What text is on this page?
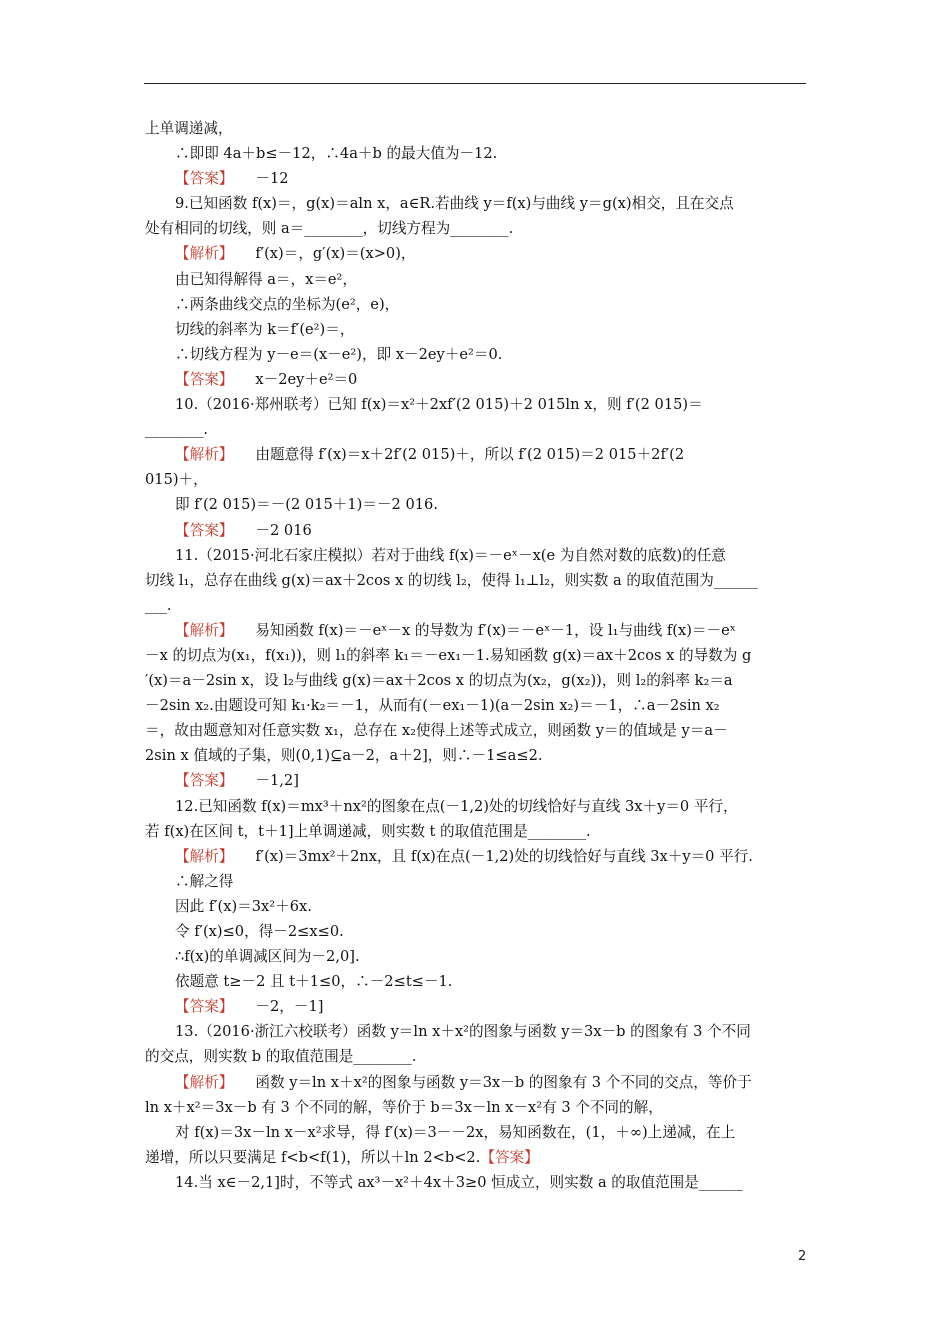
上单调递减，
∴即即 4a＋b≤－12，∴4a＋b 的最大值为－12.
【答案】 －12
9.已知函数 f(x)＝，g(x)＝aln x，a∈R.若曲线 y＝f(x)与曲线 y＝g(x)相交，且在交点
处有相同的切线，则 a＝________，切线方程为________.
【解析】 f′(x)＝，g′(x)＝(x>0)，
由已知得解得 a＝，x＝e²，
∴两条曲线交点的坐标为(e²，e)，
切线的斜率为 k＝f′(e²)＝，
∴切线方程为 y－e＝(x－e²)，即 x－2ey＋e²＝0.
【答案】 x－2ey＋e²＝0
10.（2016·郑州联考）已知 f(x)＝x²＋2xf′(2 015)＋2 015ln x，则 f′(2 015)＝
________.
【解析】 由题意得 f′(x)＝x＋2f′(2 015)＋，所以 f′(2 015)＝2 015＋2f′(2
015)＋，
即 f′(2 015)＝－(2 015＋1)＝－2 016.
【答案】 －2 016
11.（2015·河北石家庄模拟）若对于曲线 f(x)＝－eˣ－x(e 为自然对数的底数)的任意
切线 l₁，总存在曲线 g(x)＝ax＋2cos x 的切线 l₂，使得 l₁⊥l₂，则实数 a 的取值范围为______
___.
【解析】 易知函数 f(x)＝－eˣ－x 的导数为 f′(x)＝－eˣ－1，设 l₁与曲线 f(x)＝－eˣ
－x 的切点为(x₁，f(x₁))，则 l₁的斜率 k₁＝－ex₁－1.易知函数 g(x)＝ax＋2cos x 的导数为 g
′(x)＝a－2sin x，设 l₂与曲线 g(x)＝ax＋2cos x 的切点为(x₂，g(x₂))，则 l₂的斜率 k₂＝a
－2sin x₂.由题设可知 k₁·k₂＝－1，从而有(－ex₁－1)(a－2sin x₂)＝－1，∴a－2sin x₂
＝，故由题意知对任意实数 x₁，总存在 x₂使得上述等式成立，则函数 y＝的值域是 y＝a－
2sin x 值域的子集，则(0,1)⊆a－2，a＋2]，则∴－1≤a≤2.
【答案】 －1,2]
12.已知函数 f(x)＝mx³＋nx²的图象在点(－1,2)处的切线恰好与直线 3x＋y＝0 平行，
若 f(x)在区间 t，t＋1]上单调递减，则实数 t 的取值范围是________.
【解析】 f′(x)＝3mx²＋2nx，且 f(x)在点(－1,2)处的切线恰好与直线 3x＋y＝0 平行.
∴解之得
因此 f′(x)＝3x²＋6x.
令 f′(x)≤0，得－2≤x≤0.
∴f(x)的单调减区间为－2,0].
依题意 t≥－2 且 t＋1≤0，∴－2≤t≤－1.
【答案】 －2，－1]
13.（2016·浙江六校联考）函数 y＝ln x＋x²的图象与函数 y＝3x－b 的图象有 3 个不同
的交点，则实数 b 的取值范围是________.
【解析】 函数 y＝ln x＋x²的图象与函数 y＝3x－b 的图象有 3 个不同的交点，等价于
ln x＋x²＝3x－b 有 3 个不同的解，等价于 b＝3x－ln x－x²有 3 个不同的解，
对 f(x)＝3x－ln x－x²求导，得 f′(x)＝3－－2x，易知函数在，(1，＋∞)上递减，在上
递增，所以只要满足 f<b<f(1)，所以＋ln 2<b<2.【答案】
14.当 x∈－2,1]时，不等式 ax³－x²＋4x＋3≥0 恒成立，则实数 a 的取值范围是______
2
